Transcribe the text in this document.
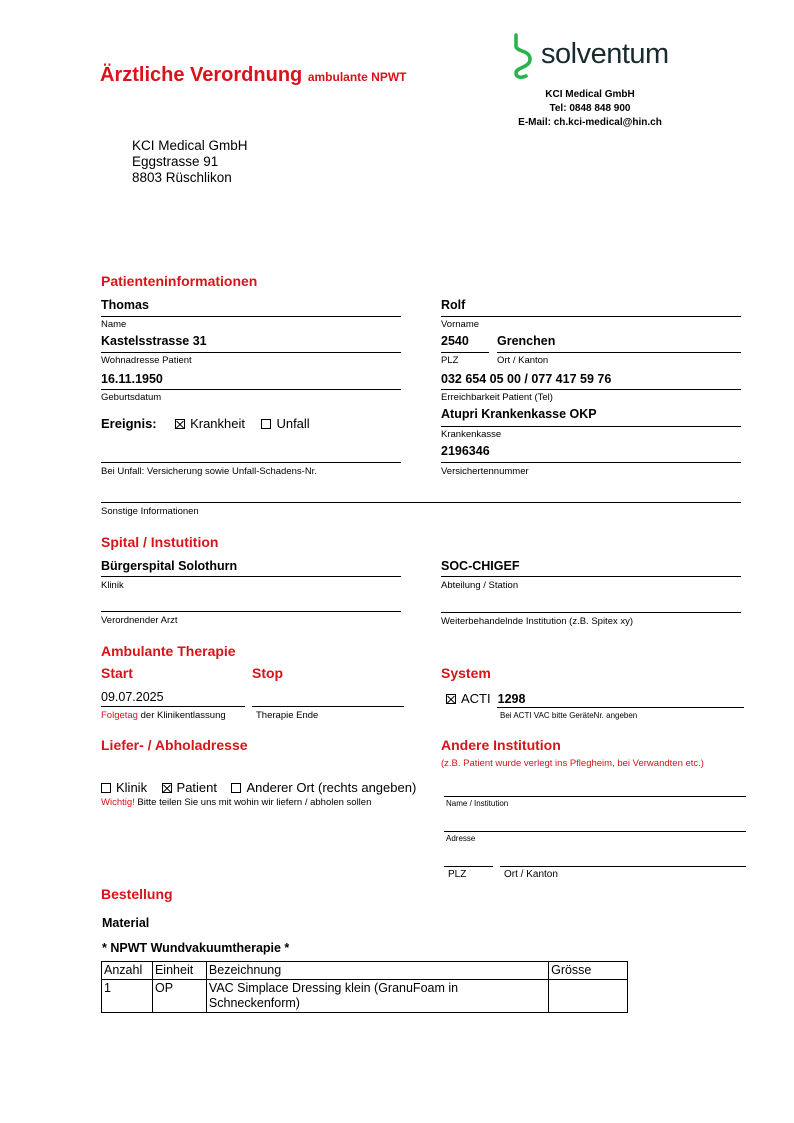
Ärztliche Verordnung ambulante NPWT
solventum
KCI Medical GmbH
Tel: 0848 848 900
E-Mail: ch.kci-medical@hin.ch
KCI Medical GmbH
Eggstrasse 91
8803 Rüschlikon
Patienteninformationen
Thomas
Name
Rolf
Vorname
Kastelsstrasse 31
Wohnadresse Patient
2540
PLZ
Grenchen
Ort / Kanton
16.11.1950
Geburtsdatum
032 654 05 00 / 077 417 59 76
Erreichbarkeit Patient (Tel)
Ereignis:	Krankheit Unfall
Atupri Krankenkasse OKP
Krankenkasse
Bei Unfall: Versicherung sowie Unfall-Schadens-Nr.
2196346
Versichertennummer
Sonstige Informationen
Spital / Instutition
Bürgerspital Solothurn
Klinik
SOC-CHIGEF
Abteilung / Station
Verordnender Arzt	Weiterbehandelnde Institution (z.B. Spitex xy)
Ambulante Therapie
Start	Stop	System
09.07.2025
Folgetag der Klinikentlassung	Therapie Ende
ACTI 1298
Bei ACTI VAC bitte GeräteNr. angeben
Liefer- / Abholadresse
Klinik Patient Anderer Ort (rechts angeben)
Wichtig! Bitte teilen Sie uns mit wohin wir liefern / abholen sollen
Andere Institution
(z.B. Patient wurde verlegt ins Pflegheim, bei Verwandten etc.)
Name / Institution
Adresse
PLZ	Ort / Kanton
Bestellung
Material
* NPWT Wundvakuumtherapie *
Anzahl	Einheit	Bezeichnung	Grösse
1	OP	VAC Simplace Dressing klein (GranuFoam in Schneckenform)	
